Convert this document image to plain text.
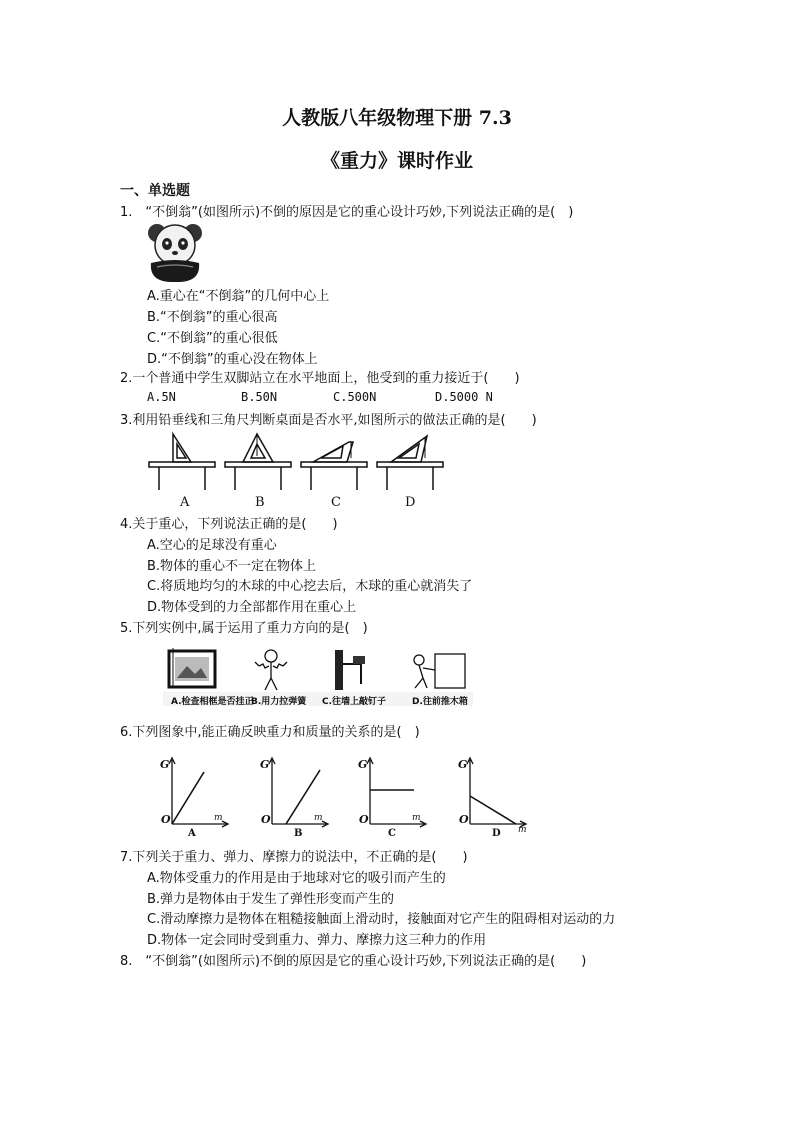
人教版八年级物理下册 7.3
《重力》课时作业
一、单选题
1.　“不倒翁”(如图所示)不倒的原因是它的重心设计巧妙,下列说法正确的是(　)
A.重心在“不倒翁”的几何中心上
B.“不倒翁”的重心很高
C.“不倒翁”的重心很低
D.“不倒翁”的重心没在物体上
2.一个普通中学生双脚站立在水平地面上，他受到的重力接近于(　　)
A.5N	B.50N	C.500N	D.5000 N
3.利用铅垂线和三角尺判断桌面是否水平,如图所示的做法正确的是(　　)
A	B	C	D
4.关于重心，下列说法正确的是(　　)
A.空心的足球没有重心
B.物体的重心不一定在物体上
C.将质地均匀的木球的中心挖去后，木球的重心就消失了
D.物体受到的力全部都作用在重心上
5.下列实例中,属于运用了重力方向的是(　)
A.检查相框是否挂正
B.用力拉弹簧 C.往墙上敲钉子	D.往前推木箱
6.下列图象中,能正确反映重力和质量的关系的是(　)
G
O	m
A
G
O	m
B
G
O	m
C
G
O
m
D
7.下列关于重力、弹力、摩擦力的说法中，不正确的是(　　)
A.物体受重力的作用是由于地球对它的吸引而产生的
B.弹力是物体由于发生了弹性形变而产生的
C.滑动摩擦力是物体在粗糙接触面上滑动时，接触面对它产生的阻碍相对运动的力
D.物体一定会同时受到重力、弹力、摩擦力这三种力的作用
8.　“不倒翁”(如图所示)不倒的原因是它的重心设计巧妙,下列说法正确的是(　　)
